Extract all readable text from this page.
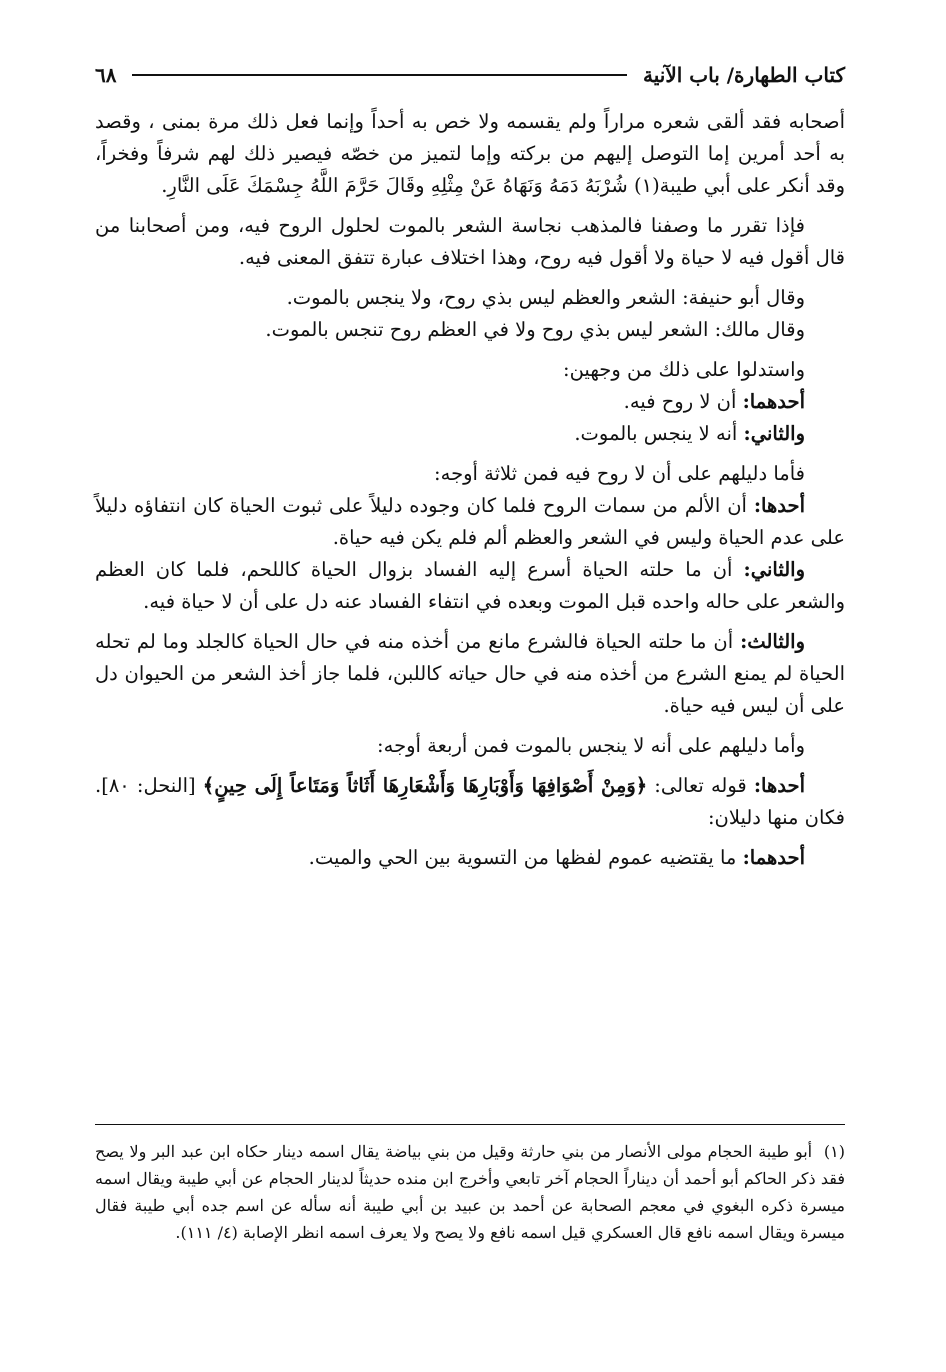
كتاب الطهارة/ باب الآنية
٦٨

أصحابه فقد ألقى شعره مراراً ولم يقسمه ولا خص به أحداً وإنما فعل ذلك مرة بمنى ، وقصد به أحد أمرين إما التوصل إليهم من بركته وإما لتميز من خصّه فيصير ذلك لهم شرفاً وفخراً، وقد أنكر على أبي طيبة(١) شُرْبَهُ دَمَهُ وَنَهَاهُ عَنْ مِثْلِهِ وقَالَ حَرَّمَ اللَّهُ جِسْمَكَ عَلَى النَّارِ.

فإذا تقرر ما وصفنا فالمذهب نجاسة الشعر بالموت لحلول الروح فيه، ومن أصحابنا من قال أقول فيه لا حياة ولا أقول فيه روح، وهذا اختلاف عبارة تتفق المعنى فيه.

وقال أبو حنيفة: الشعر والعظم ليس بذي روح، ولا ينجس بالموت.

وقال مالك: الشعر ليس بذي روح ولا في العظم روح تنجس بالموت.

واستدلوا على ذلك من وجهين:

أحدهما: أن لا روح فيه.

والثاني: أنه لا ينجس بالموت.

فأما دليلهم على أن لا روح فيه فمن ثلاثة أوجه:

أحدها: أن الألم من سمات الروح فلما كان وجوده دليلاً على ثبوت الحياة كان انتفاؤه دليلاً على عدم الحياة وليس في الشعر والعظم ألم فلم يكن فيه حياة.

والثاني: أن ما حلته الحياة أسرع إليه الفساد بزوال الحياة كاللحم، فلما كان العظم والشعر على حاله واحده قبل الموت وبعده في انتفاء الفساد عنه دل على أن لا حياة فيه.

والثالث: أن ما حلته الحياة فالشرع مانع من أخذه منه في حال الحياة كالجلد وما لم تحله الحياة لم يمنع الشرع من أخذه منه في حال حياته كاللبن، فلما جاز أخذ الشعر من الحيوان دل على أن ليس فيه حياة.

وأما دليلهم على أنه لا ينجس بالموت فمن أربعة أوجه:

أحدها: قوله تعالى: ﴿وَمِنْ أَصْوَافِهَا وَأَوْبَارِهَا وَأَشْعَارِهَا أَثَاثاً وَمَتَاعاً إِلَى حِينٍ﴾ [النحل: ٨٠]. فكان منها دليلان:

أحدهما: ما يقتضيه عموم لفظها من التسوية بين الحي والميت.

(١) أبو طيبة الحجام مولى الأنصار من بني حارثة وقيل من بني بياضة يقال اسمه دينار حكاه ابن عبد البر ولا يصح فقد ذكر الحاكم أبو أحمد أن ديناراً الحجام آخر تابعي وأخرج ابن منده حديثاً لدينار الحجام عن أبي طيبة ويقال اسمه ميسرة ذكره البغوي في معجم الصحابة عن أحمد بن عبيد بن أبي طيبة أنه سأله عن اسم جده أبي طيبة فقال ميسرة ويقال اسمه نافع قال العسكري قيل اسمه نافع ولا يصح ولا يعرف اسمه انظر الإصابة (٤/ ١١١).
